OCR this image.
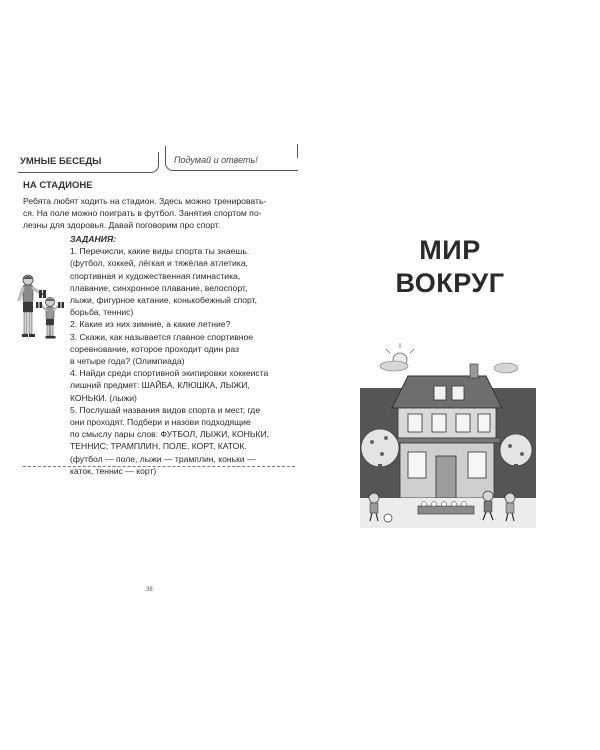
УМНЫЕ БЕСЕДЫ	Подумай и ответь!
НА СТАДИОНЕ
Ребята любят ходить на стадион. Здесь можно тренировать-
ся. На поле можно поиграть в футбол. Занятия спортом по-
лезны для здоровья. Давай поговорим про спорт.
ЗАДАНИЯ:
1. Перечисли, какие виды спорта ты знаешь.
(футбол, хоккей, лёгкая и тяжёлая атлетика,
спортивная и художественная гимнастика,
плавание, синхронное плавание, велоспорт,
лыжи, фигурное катание, конькобежный спорт,
борьба, теннис)
2. Какие из них зимние, а какие летние?
3. Скажи, как называется главное спортивное
соревнование, которое проходит один раз
в четыре года? (Олимпиада)
4. Найди среди спортивной экипировки хоккеиста
лишний предмет: ШАЙБА, КЛЮШКА, ЛЫЖИ,
КОНЬКИ. (лыжи)
5. Послушай названия видов спорта и мест, где
они проходят. Подбери и назови подходящие
по смыслу пары слов: ФУТБОЛ, ЛЫЖИ, КОНЬКИ,
ТЕННИС; ТРАМПЛИН, ПОЛЕ, КОРТ, КАТОК.
(футбол — поле, лыжи — трамплин, коньки —
каток, теннис — корт)
38
МИР
ВОКРУГ
